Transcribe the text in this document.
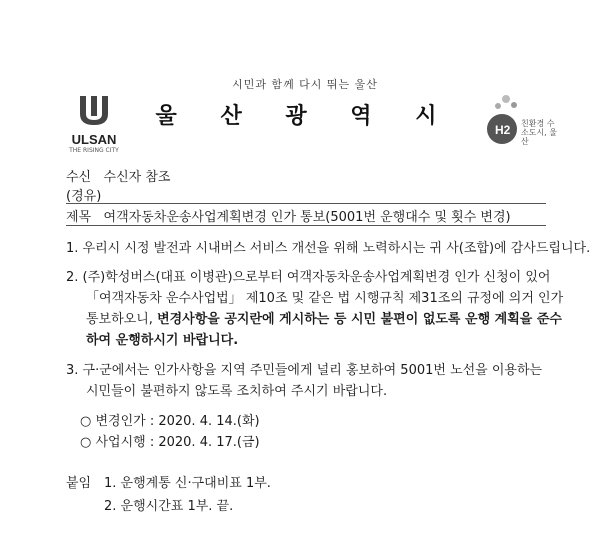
시민과 함께 다시 뛰는 울산
ULSAN
THE RISING CITY
울 산 광 역 시
H2 친환경 수소도시, 울산
수신 수신자 참조
(경유)
제목 여객자동차운송사업계획변경 인가 통보(5001번 운행대수 및 횟수 변경)
1. 우리시 시정 발전과 시내버스 서비스 개선을 위해 노력하시는 귀 사(조합)에 감사드립니다.
2. (주)학성버스(대표 이병관)으로부터 여객자동차운송사업계획변경 인가 신청이 있어
「여객자동차 운수사업법」 제10조 및 같은 법 시행규칙 제31조의 규정에 의거 인가
통보하오니, 변경사항을 공지란에 게시하는 등 시민 불편이 없도록 운행 계획을 준수
하여 운행하시기 바랍니다.
3. 구·군에서는 인가사항을 지역 주민들에게 널리 홍보하여 5001번 노선을 이용하는
시민들이 불편하지 않도록 조치하여 주시기 바랍니다.
○ 변경인가 : 2020. 4. 14.(화)
○ 사업시행 : 2020. 4. 17.(금)
붙임 1. 운행계통 신·구대비표 1부.
2. 운행시간표 1부. 끝.
